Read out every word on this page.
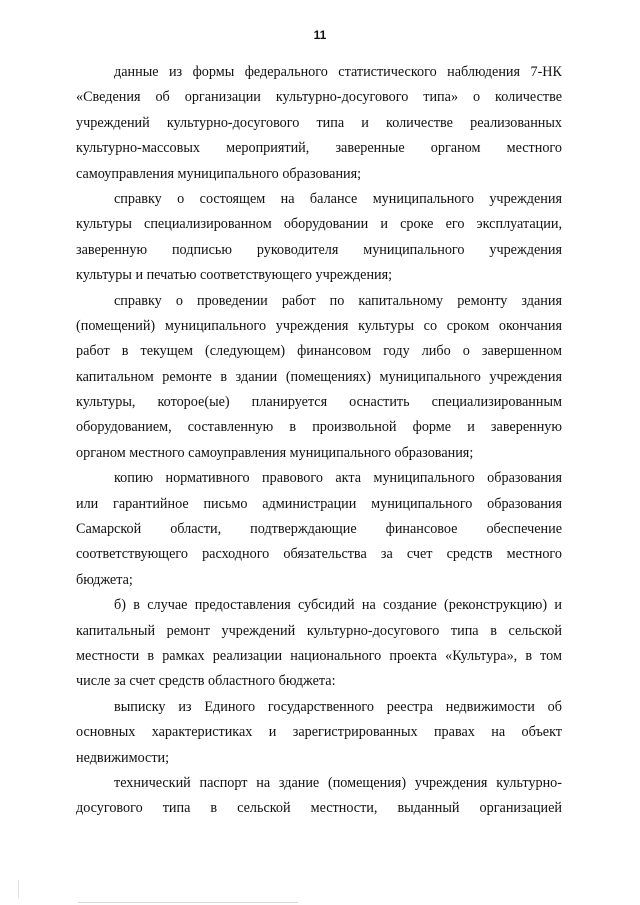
11
данные из формы федерального статистического наблюдения 7-НК
«Сведения об организации культурно-досугового типа» о количестве
учреждений культурно-досугового типа и количестве реализованных
культурно-массовых мероприятий, заверенные органом местного
самоуправления муниципального образования;
справку о состоящем на балансе муниципального учреждения
культуры специализированном оборудовании и сроке его эксплуатации,
заверенную подписью руководителя муниципального учреждения
культуры и печатью соответствующего учреждения;
справку о проведении работ по капитальному ремонту здания
(помещений) муниципального учреждения культуры со сроком окончания
работ в текущем (следующем) финансовом году либо о завершенном
капитальном ремонте в здании (помещениях) муниципального учреждения
культуры, которое(ые) планируется оснастить специализированным
оборудованием, составленную в произвольной форме и заверенную
органом местного самоуправления муниципального образования;
копию нормативного правового акта муниципального образования
или гарантийное письмо администрации муниципального образования
Самарской области, подтверждающие финансовое обеспечение
соответствующего расходного обязательства за счет средств местного
бюджета;
б) в случае предоставления субсидий на создание (реконструкцию) и
капитальный ремонт учреждений культурно-досугового типа в сельской
местности в рамках реализации национального проекта «Культура», в том
числе за счет средств областного бюджета:
выписку из Единого государственного реестра недвижимости об
основных характеристиках и зарегистрированных правах на объект
недвижимости;
технический паспорт на здание (помещения) учреждения культурно-
досугового типа в сельской местности, выданный организацией
